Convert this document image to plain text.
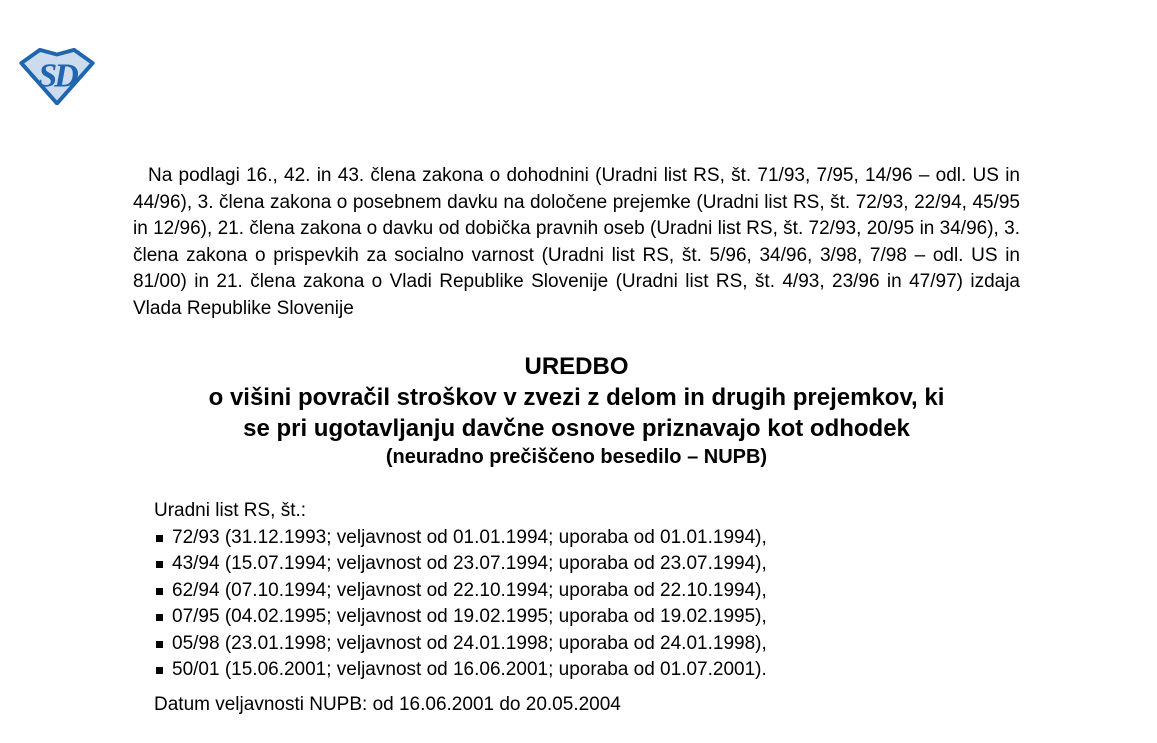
SD

Na podlagi 16., 42. in 43. člena zakona o dohodnini (Uradni list RS, št. 71/93, 7/95, 14/96 – odl. US in 44/96), 3. člena zakona o posebnem davku na določene prejemke (Uradni list RS, št. 72/93, 22/94, 45/95 in 12/96), 21. člena zakona o davku od dobička pravnih oseb (Uradni list RS, št. 72/93, 20/95 in 34/96), 3. člena zakona o prispevkih za socialno varnost (Uradni list RS, št. 5/96, 34/96, 3/98, 7/98 – odl. US in 81/00) in 21. člena zakona o Vladi Republike Slovenije (Uradni list RS, št. 4/93, 23/96 in 47/97) izdaja Vlada Republike Slovenije

UREDBO
o višini povračil stroškov v zvezi z delom in drugih prejemkov, ki
se pri ugotavljanju davčne osnove priznavajo kot odhodek
(neuradno prečiščeno besedilo – NUPB)
Uradni list RS, št.:
72/93 (31.12.1993; veljavnost od 01.01.1994; uporaba od 01.01.1994),
43/94 (15.07.1994; veljavnost od 23.07.1994; uporaba od 23.07.1994),
62/94 (07.10.1994; veljavnost od 22.10.1994; uporaba od 22.10.1994),
07/95 (04.02.1995; veljavnost od 19.02.1995; uporaba od 19.02.1995),
05/98 (23.01.1998; veljavnost od 24.01.1998; uporaba od 24.01.1998),
50/01 (15.06.2001; veljavnost od 16.06.2001; uporaba od 01.07.2001).
Datum veljavnosti NUPB: od 16.06.2001 do 20.05.2004
